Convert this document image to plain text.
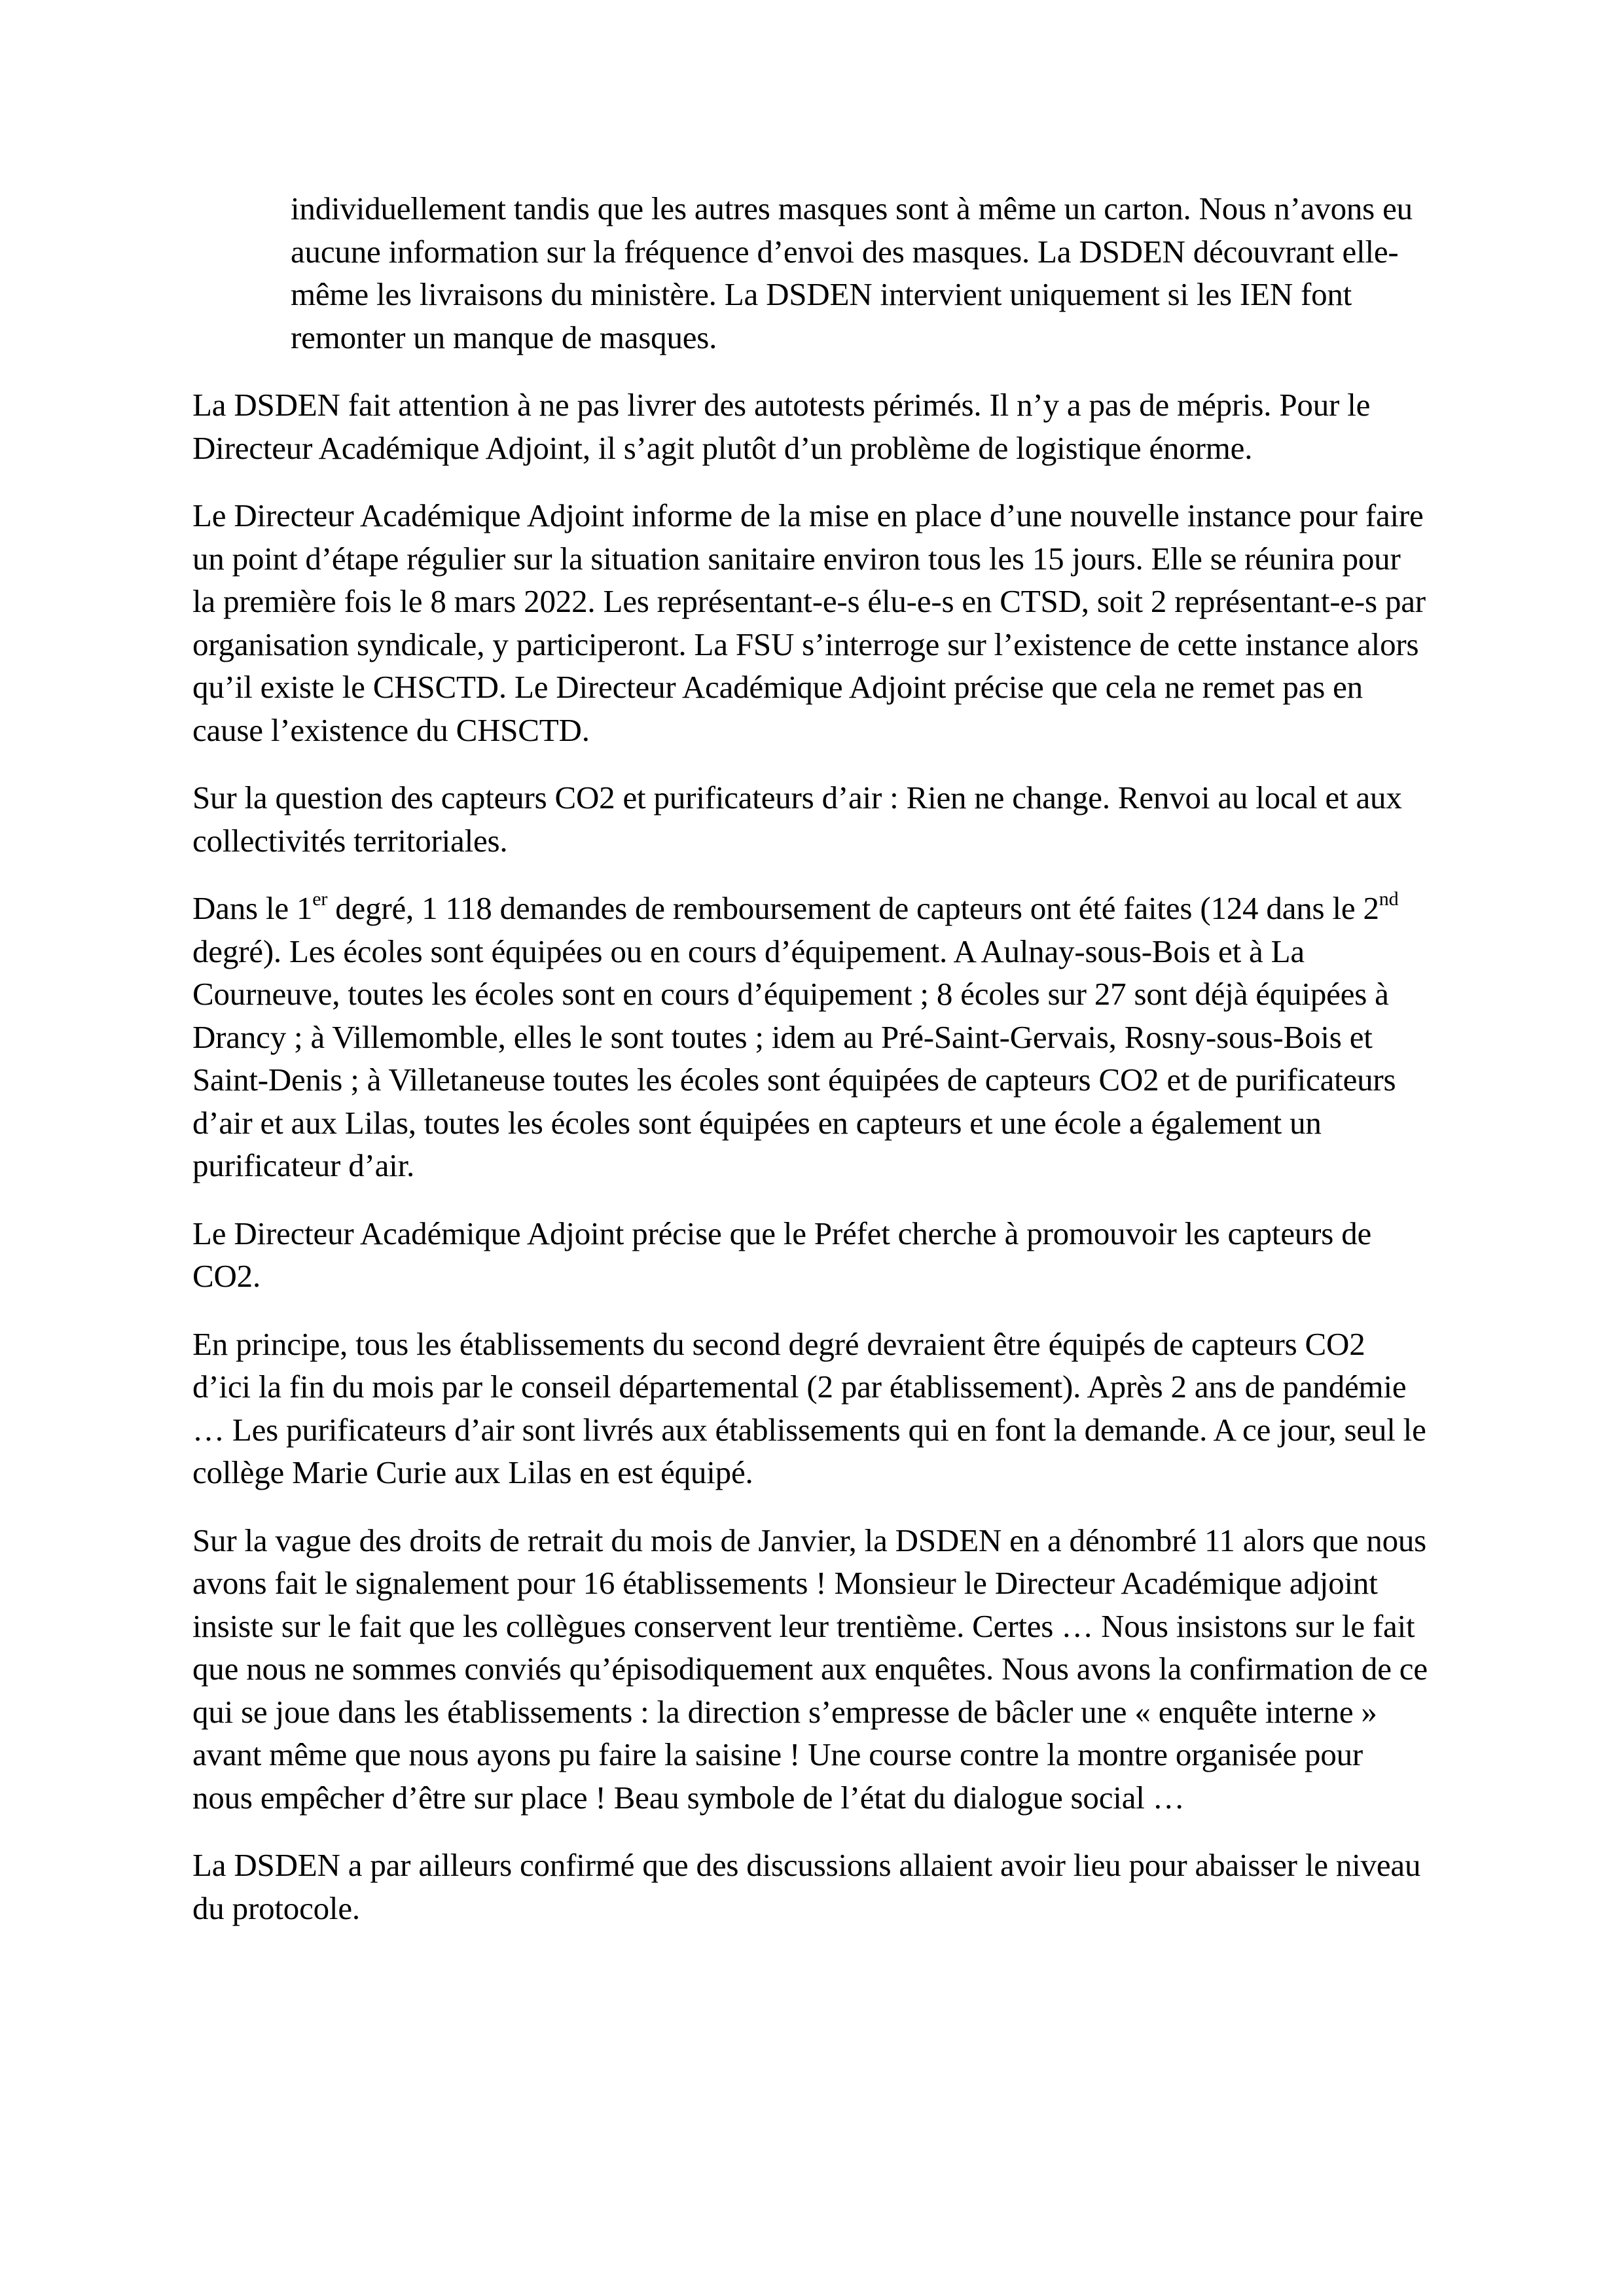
individuellement tandis que les autres masques sont à même un carton. Nous n’avons eu aucune information sur la fréquence d’envoi des masques. La DSDEN découvrant elle-même les livraisons du ministère. La DSDEN intervient uniquement si les IEN font remonter un manque de masques.

La DSDEN fait attention à ne pas livrer des autotests périmés. Il n’y a pas de mépris. Pour le Directeur Académique Adjoint, il s’agit plutôt d’un problème de logistique énorme.

Le Directeur Académique Adjoint informe de la mise en place d’une nouvelle instance pour faire un point d’étape régulier sur la situation sanitaire environ tous les 15 jours. Elle se réunira pour la première fois le 8 mars 2022. Les représentant-e-s élu-e-s en CTSD, soit 2 représentant-e-s par organisation syndicale, y participeront. La FSU s’interroge sur l’existence de cette instance alors qu’il existe le CHSCTD. Le Directeur Académique Adjoint précise que cela ne remet pas en cause l’existence du CHSCTD.

Sur la question des capteurs CO2 et purificateurs d’air : Rien ne change. Renvoi au local et aux collectivités territoriales.

Dans le 1er degré, 1 118 demandes de remboursement de capteurs ont été faites (124 dans le 2nd degré). Les écoles sont équipées ou en cours d’équipement. A Aulnay-sous-Bois et à La Courneuve, toutes les écoles sont en cours d’équipement ; 8 écoles sur 27 sont déjà équipées à Drancy ; à Villemomble, elles le sont toutes ; idem au Pré-Saint-Gervais, Rosny-sous-Bois et Saint-Denis ; à Villetaneuse toutes les écoles sont équipées de capteurs CO2 et de purificateurs d’air et aux Lilas, toutes les écoles sont équipées en capteurs et une école a également un purificateur d’air.

Le Directeur Académique Adjoint précise que le Préfet cherche à promouvoir les capteurs de CO2.

En principe, tous les établissements du second degré devraient être équipés de capteurs CO2 d’ici la fin du mois par le conseil départemental (2 par établissement). Après 2 ans de pandémie … Les purificateurs d’air sont livrés aux établissements qui en font la demande. A ce jour, seul le collège Marie Curie aux Lilas en est équipé.

Sur la vague des droits de retrait du mois de Janvier, la DSDEN en a dénombré 11 alors que nous avons fait le signalement pour 16 établissements ! Monsieur le Directeur Académique adjoint insiste sur le fait que les collègues conservent leur trentième. Certes … Nous insistons sur le fait que nous ne sommes conviés qu’épisodiquement aux enquêtes. Nous avons la confirmation de ce qui se joue dans les établissements : la direction s’empresse de bâcler une « enquête interne » avant même que nous ayons pu faire la saisine ! Une course contre la montre organisée pour nous empêcher d’être sur place ! Beau symbole de l’état du dialogue social …

La DSDEN a par ailleurs confirmé que des discussions allaient avoir lieu pour abaisser le niveau du protocole.
